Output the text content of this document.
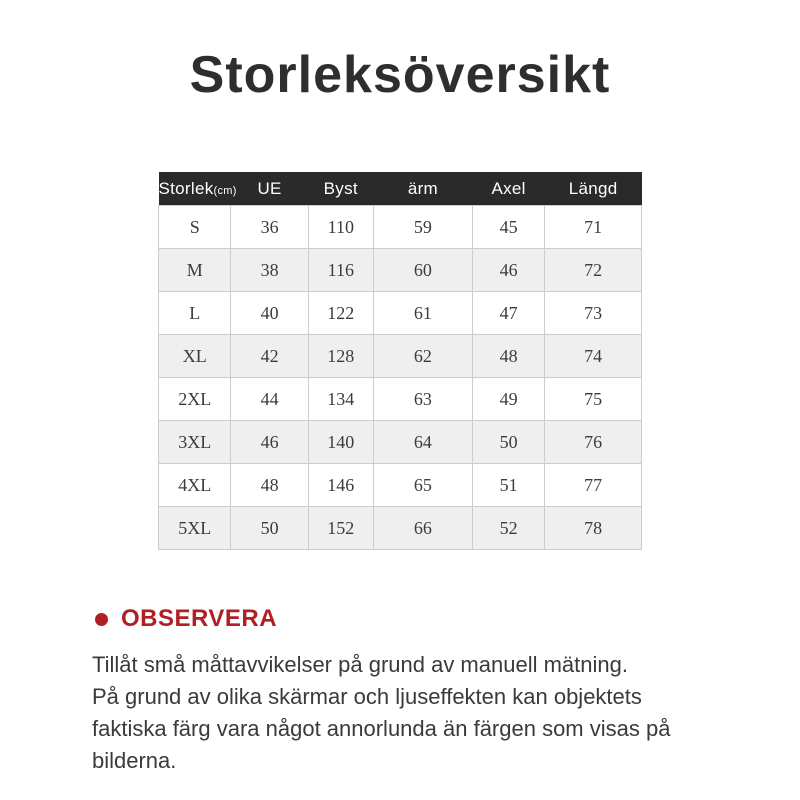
Storleksöversikt
Storlek(cm)	UE	Byst	ärm	Axel	Längd
S	36	110	59	45	71
M	38	116	60	46	72
L	40	122	61	47	73
XL	42	128	62	48	74
2XL	44	134	63	49	75
3XL	46	140	64	50	76
4XL	48	146	65	51	77
5XL	50	152	66	52	78
OBSERVERA
Tillåt små måttavvikelser på grund av manuell mätning.
På grund av olika skärmar och ljuseffekten kan objektets
faktiska färg vara något annorlunda än färgen som visas på
bilderna.
